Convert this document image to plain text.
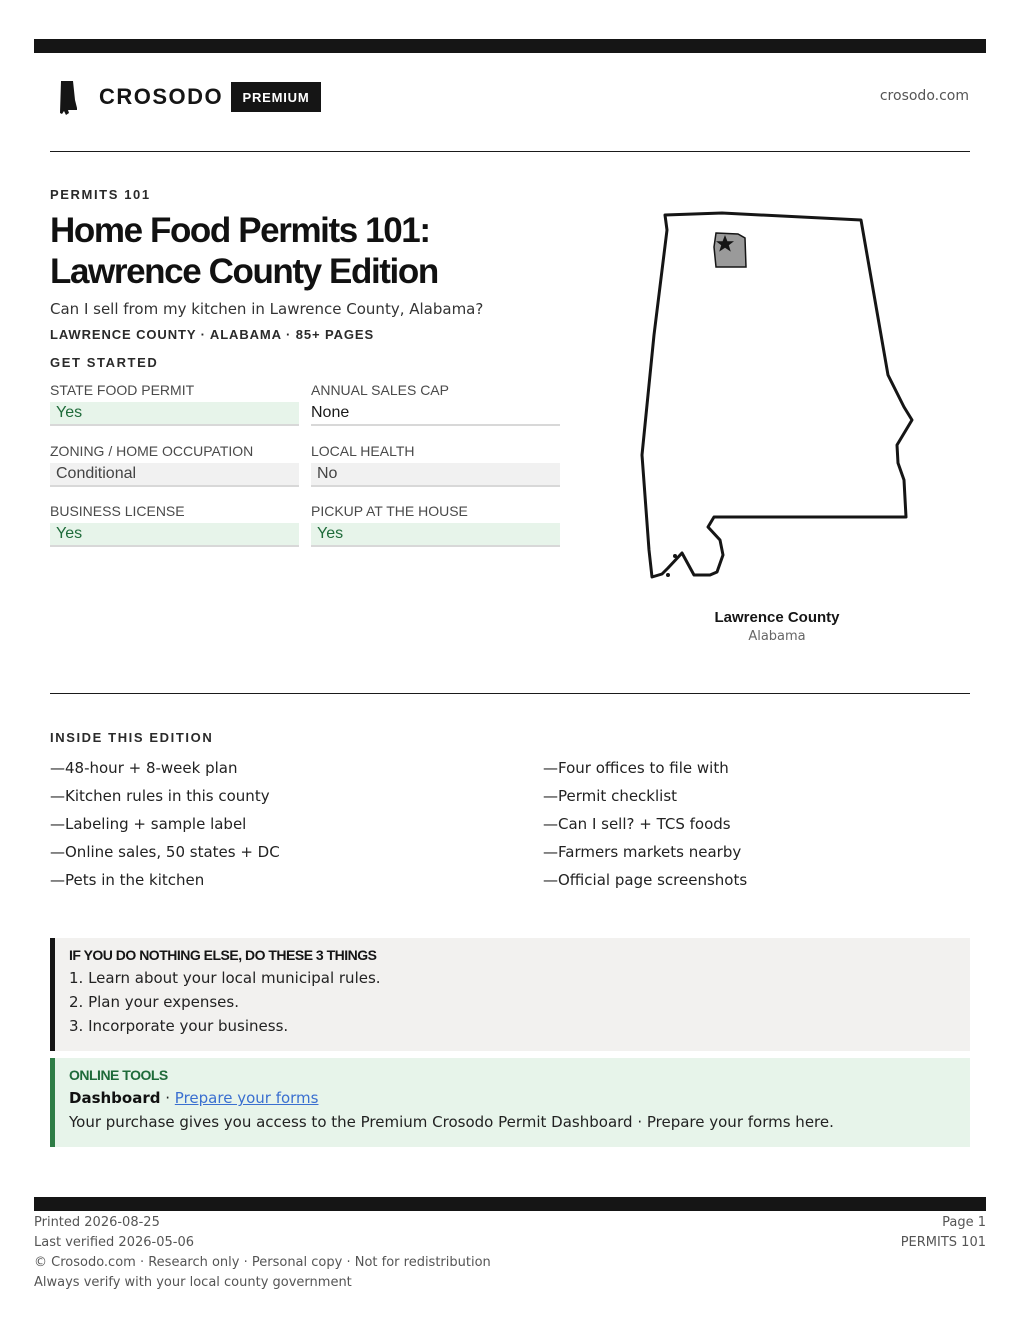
CROSODO	PREMIUM	crosodo.com
PERMITS 101
Home Food Permits 101:
Lawrence County Edition
Can I sell from my kitchen in Lawrence County, Alabama?
LAWRENCE COUNTY · ALABAMA · 85+ PAGES
GET STARTED
STATE FOOD PERMIT
Yes
ANNUAL SALES CAP
None
ZONING / HOME OCCUPATION
Conditional
LOCAL HEALTH
No
BUSINESS LICENSE
Yes
PICKUP AT THE HOUSE
Yes
Lawrence County
Alabama
INSIDE THIS EDITION
—48-hour + 8-week plan
—Kitchen rules in this county
—Labeling + sample label
—Online sales, 50 states + DC
—Pets in the kitchen
—Four offices to file with
—Permit checklist
—Can I sell? + TCS foods
—Farmers markets nearby
—Official page screenshots
IF YOU DO NOTHING ELSE, DO THESE 3 THINGS
1. Learn about your local municipal rules.
2. Plan your expenses.
3. Incorporate your business.
ONLINE TOOLS
Dashboard · Prepare your forms
Your purchase gives you access to the Premium Crosodo Permit Dashboard · Prepare your forms here.
Printed 2026-08-25
Last verified 2026-05-06
© Crosodo.com · Research only · Personal copy · Not for redistribution
Always verify with your local county government
Page 1
PERMITS 101
